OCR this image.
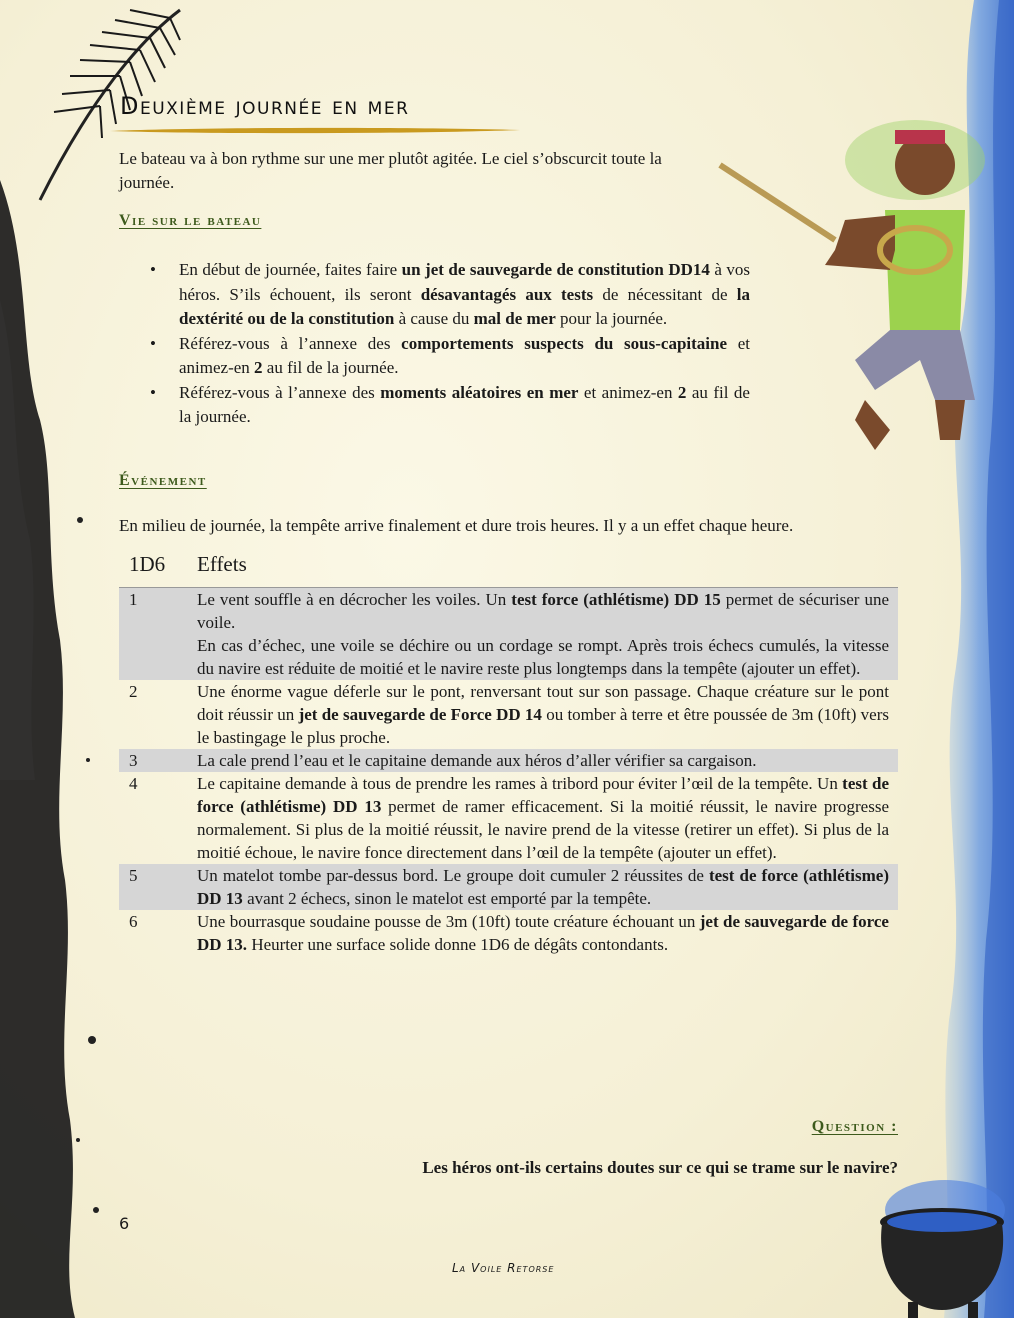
Deuxième journée en mer

Le bateau va à bon rythme sur une mer plutôt agitée. Le ciel s’obscurcit toute la journée.

Vie sur le bateau
• En début de journée, faites faire un jet de sauvegarde de constitution DD14 à vos héros. S’ils échouent, ils seront désavantagés aux tests de nécessitant de la dextérité ou de la constitution à cause du mal de mer pour la journée.
• Référez-vous à l’annexe des comportements suspects du sous-capitaine et animez-en 2 au fil de la journée.
• Référez-vous à l’annexe des moments aléatoires en mer et animez-en 2 au fil de la journée.
Événement

En milieu de journée, la tempête arrive finalement et dure trois heures. Il y a un effet chaque heure.

1D6	Effets
1	Le vent souffle à en décrocher les voiles. Un test force (athlétisme) DD 15 permet de sécuriser une voile.
En cas d’échec, une voile se déchire ou un cordage se rompt. Après trois échecs cumulés, la vitesse du navire est réduite de moitié et le navire reste plus longtemps dans la tempête (ajouter un effet).
2	Une énorme vague déferle sur le pont, renversant tout sur son passage. Chaque créature sur le pont doit réussir un jet de sauvegarde de Force DD 14 ou tomber à terre et être poussée de 3m (10ft) vers le bastingage le plus proche.
3	La cale prend l’eau et le capitaine demande aux héros d’aller vérifier sa cargaison.
4	Le capitaine demande à tous de prendre les rames à tribord pour éviter l’œil de la tempête. Un test de force (athlétisme) DD 13 permet de ramer efficacement. Si la moitié réussit, le navire progresse normalement. Si plus de la moitié réussit, le navire prend de la vitesse (retirer un effet). Si plus de la moitié échoue, le navire fonce directement dans l’œil de la tempête (ajouter un effet).
5	Un matelot tombe par-dessus bord. Le groupe doit cumuler 2 réussites de test de force (athlétisme) DD 13 avant 2 échecs, sinon le matelot est emporté par la tempête.
6	Une bourrasque soudaine pousse de 3m (10ft) toute créature échouant un jet de sauvegarde de force DD 13. Heurter une surface solide donne 1D6 de dégâts contondants.
Question :

Les héros ont-ils certains doutes sur ce qui se trame sur le navire?

6
La Voile Retorse
